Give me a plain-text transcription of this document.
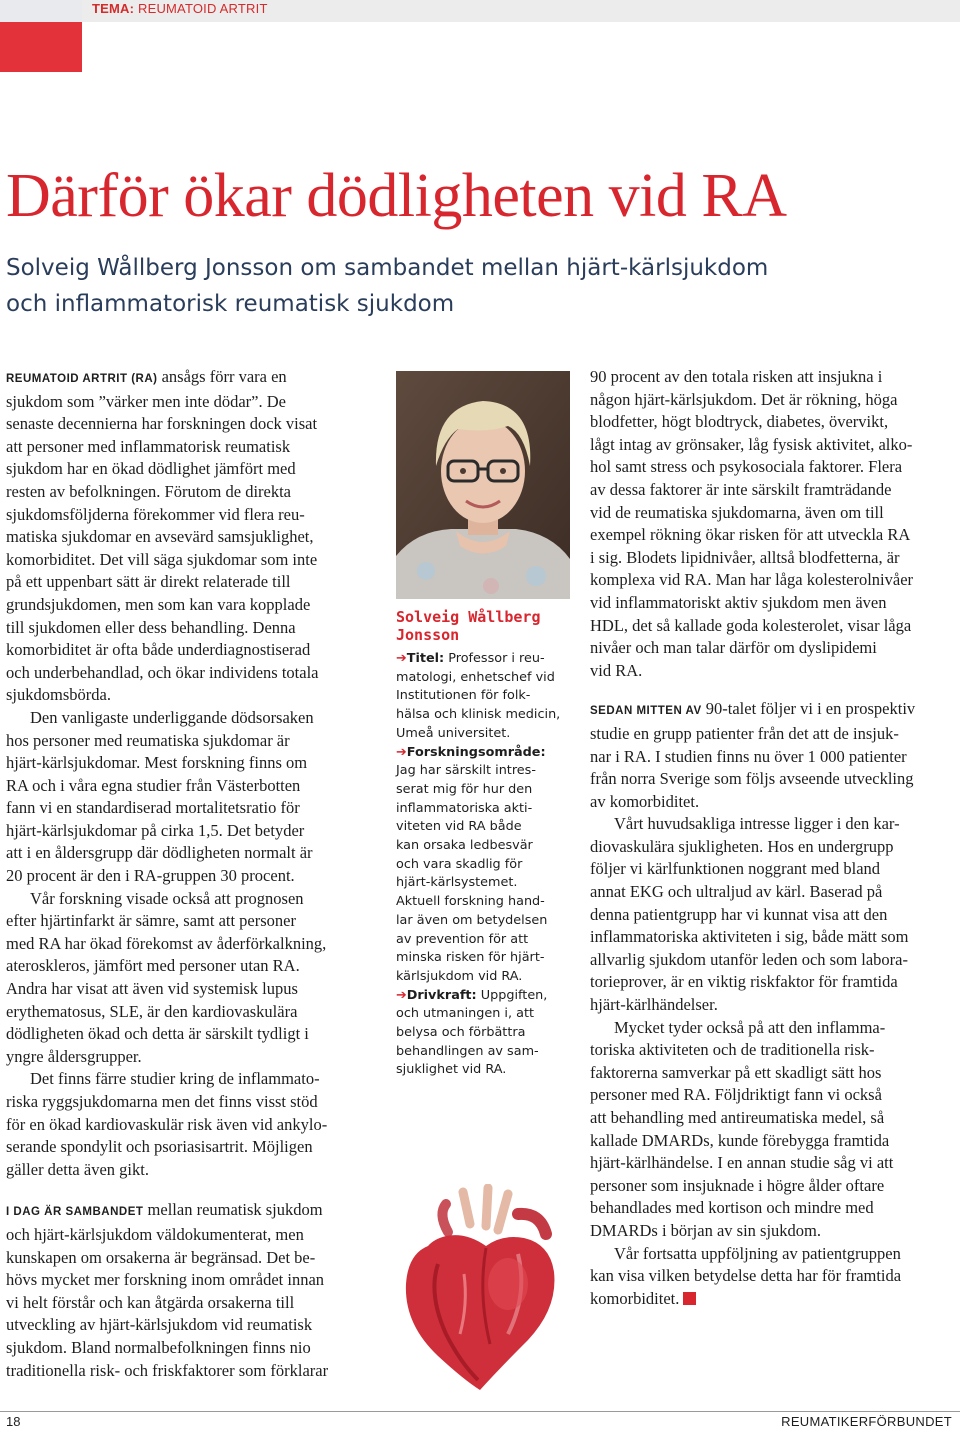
TEMA: REUMATOID ARTRIT
Därför ökar dödligheten vid RA
Solveig Wållberg Jonsson om sambandet mellan hjärt-kärlsjukdom
och inflammatorisk reumatisk sjukdom
REUMATOID ARTRIT (RA) ansågs förr vara en
sjukdom som ”värker men inte dödar”. De
senaste decennierna har forskningen dock visat
att personer med inflammatorisk reumatisk
sjukdom har en ökad dödlighet jämfört med
resten av befolkningen. Förutom de direkta
sjukdomsföljderna förekommer vid flera reu-
matiska sjukdomar en avsevärd samsjuklighet,
komorbiditet. Det vill säga sjukdomar som inte
på ett uppenbart sätt är direkt relaterade till
grundsjukdomen, men som kan vara kopplade
till sjukdomen eller dess behandling. Denna
komorbiditet är ofta både underdiagnostiserad
och underbehandlad, och ökar individens totala
sjukdomsbörda.
Den vanligaste underliggande dödsorsaken
hos personer med reumatiska sjukdomar är
hjärt-kärlsjukdomar. Mest forskning finns om
RA och i våra egna studier från Västerbotten
fann vi en standardiserad mortalitetsratio för
hjärt-kärlsjukdomar på cirka 1,5. Det betyder
att i en åldersgrupp där dödligheten normalt är
20 procent är den i RA-gruppen 30 procent.
Vår forskning visade också att prognosen
efter hjärtinfarkt är sämre, samt att personer
med RA har ökad förekomst av åderförkalkning,
ateroskleros, jämfört med personer utan RA.
Andra har visat att även vid systemisk lupus
erythematosus, SLE, är den kardiovaskulära
dödligheten ökad och detta är särskilt tydligt i
yngre åldersgrupper.
Det finns färre studier kring de inflammato-
riska ryggsjukdomarna men det finns visst stöd
för en ökad kardiovaskulär risk även vid ankylo-
serande spondylit och psoriasisartrit. Möjligen
gäller detta även gikt.
I DAG ÄR SAMBANDET mellan reumatisk sjukdom
och hjärt-kärlsjukdom väldokumenterat, men
kunskapen om orsakerna är begränsad. Det be-
hövs mycket mer forskning inom området innan
vi helt förstår och kan åtgärda orsakerna till
utveckling av hjärt-kärlsjukdom vid reumatisk
sjukdom. Bland normalbefolkningen finns nio
traditionella risk- och friskfaktorer som förklarar
Solveig Wållberg
Jonsson
➔Titel: Professor i reu-
matologi, enhetschef vid
Institutionen för folk-
hälsa och klinisk medicin,
Umeå universitet.
➔Forskningsområde:
Jag har särskilt intres-
serat mig för hur den
inflammatoriska akti-
viteten vid RA både
kan orsaka ledbesvär
och vara skadlig för
hjärt-kärlsystemet.
Aktuell forskning hand-
lar även om betydelsen
av prevention för att
minska risken för hjärt-
kärlsjukdom vid RA.
➔Drivkraft: Uppgiften,
och utmaningen i, att
belysa och förbättra
behandlingen av sam-
sjuklighet vid RA.
90 procent av den totala risken att insjukna i
någon hjärt-kärlsjukdom. Det är rökning, höga
blodfetter, högt blodtryck, diabetes, övervikt,
lågt intag av grönsaker, låg fysisk aktivitet, alko-
hol samt stress och psykosociala faktorer. Flera
av dessa faktorer är inte särskilt framträdande
vid de reumatiska sjukdomarna, även om till
exempel rökning ökar risken för att utveckla RA
i sig. Blodets lipidnivåer, alltså blodfetterna, är
komplexa vid RA. Man har låga kolesterolnivåer
vid inflammatoriskt aktiv sjukdom men även
HDL, det så kallade goda kolesterolet, visar låga
nivåer och man talar därför om dyslipidemi
vid RA.
SEDAN MITTEN AV 90-talet följer vi i en prospektiv
studie en grupp patienter från det att de insjuk-
nar i RA. I studien finns nu över 1 000 patienter
från norra Sverige som följs avseende utveckling
av komorbiditet.
Vårt huvudsakliga intresse ligger i den kar-
diovaskulära sjukligheten. Hos en undergrupp
följer vi kärlfunktionen noggrant med bland
annat EKG och ultraljud av kärl. Baserad på
denna patientgrupp har vi kunnat visa att den
inflammatoriska aktiviteten i sig, både mätt som
allvarlig sjukdom utanför leden och som labora-
torieprover, är en viktig riskfaktor för framtida
hjärt-kärlhändelser.
Mycket tyder också på att den inflamma-
toriska aktiviteten och de traditionella risk-
faktorerna samverkar på ett skadligt sätt hos
personer med RA. Följdriktigt fann vi också
att behandling med antireumatiska medel, så
kallade DMARDs, kunde förebygga framtida
hjärt-kärlhändelse. I en annan studie såg vi att
personer som insjuknade i högre ålder oftare
behandlades med kortison och mindre med
DMARDs i början av sin sjukdom.
Vår fortsatta uppföljning av patientgruppen
kan visa vilken betydelse detta har för framtida
komorbiditet.
18	REUMATIKERFÖRBUNDET
